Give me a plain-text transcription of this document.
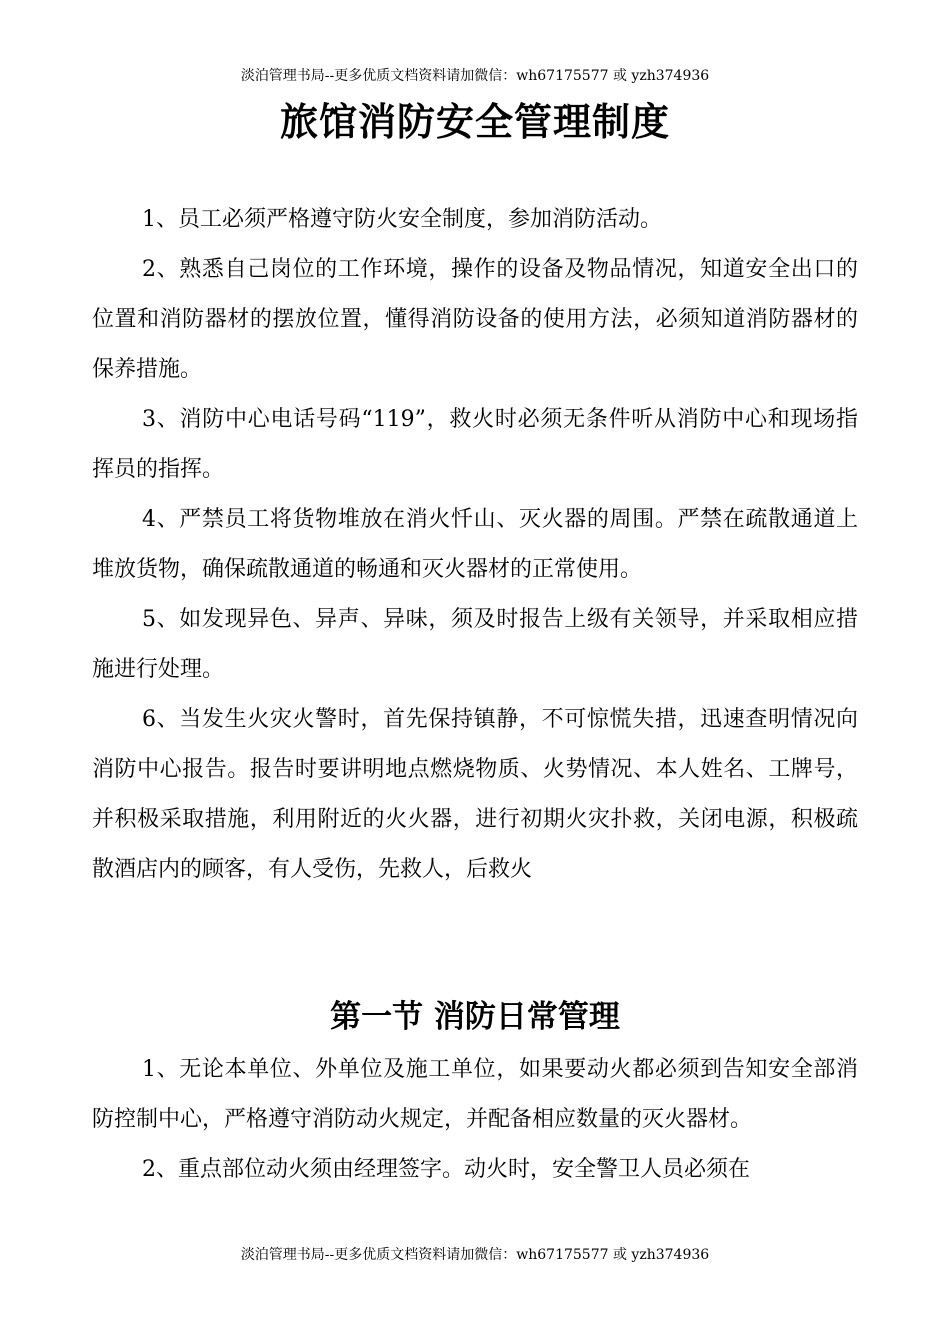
淡泊管理书局--更多优质文档资料请加微信：wh67175577 或 yzh374936
旅馆消防安全管理制度

1、员工必须严格遵守防火安全制度，参加消防活动。

2、熟悉自己岗位的工作环境，操作的设备及物品情况，知道安全出口的位置和消防器材的摆放位置，懂得消防设备的使用方法，必须知道消防器材的保养措施。

3、消防中心电话号码“119”，救火时必须无条件听从消防中心和现场指挥员的指挥。

4、严禁员工将货物堆放在消火忏山、灭火器的周围。严禁在疏散通道上堆放货物，确保疏散通道的畅通和灭火器材的正常使用。

5、如发现异色、异声、异味，须及时报告上级有关领导，并采取相应措施进行处理。

6、当发生火灾火警时，首先保持镇静，不可惊慌失措，迅速查明情况向消防中心报告。报告时要讲明地点燃烧物质、火势情况、本人姓名、工牌号，并积极采取措施，利用附近的火火器，进行初期火灾扑救，关闭电源，积极疏散酒店内的顾客，有人受伤，先救人，后救火

第一节 消防日常管理

1、无论本单位、外单位及施工单位，如果要动火都必须到告知安全部消防控制中心，严格遵守消防动火规定，并配备相应数量的灭火器材。

2、重点部位动火须由经理签字。动火时，安全警卫人员必须在

淡泊管理书局--更多优质文档资料请加微信：wh67175577 或 yzh374936
